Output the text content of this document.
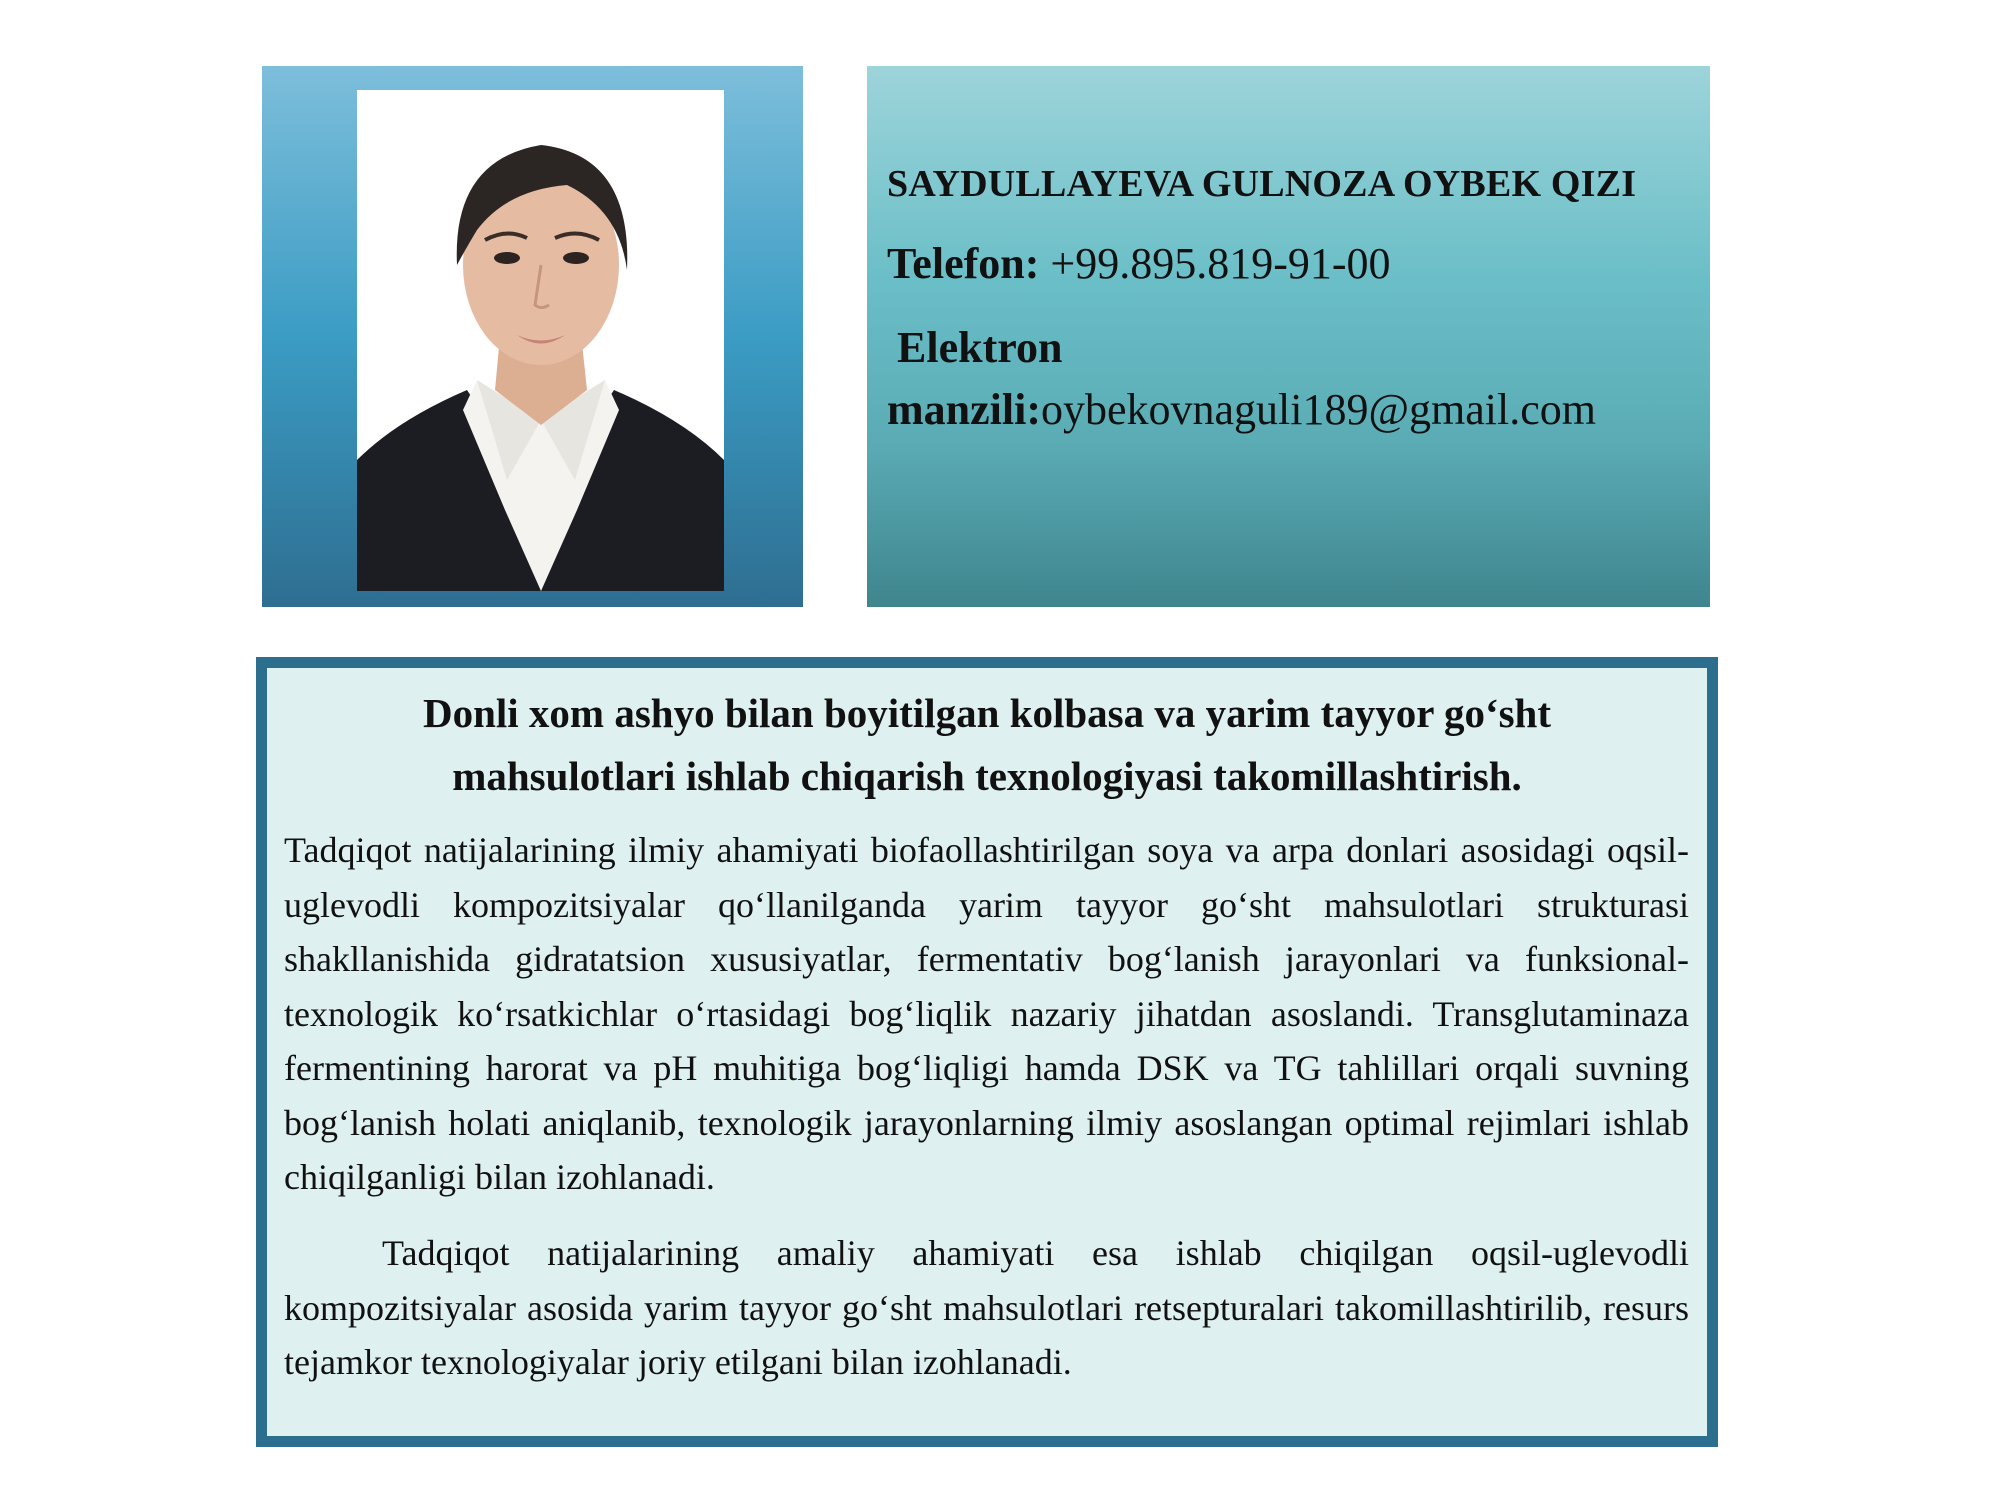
SAYDULLAYEVA GULNOZA OYBEK QIZI
Telefon: +99.895.819-91-00
Elektron
manzili:oybekovnaguli189@gmail.com
Donli xom ashyo bilan boyitilgan kolbasa va yarim tayyor go‘sht
mahsulotlari ishlab chiqarish texnologiyasi takomillashtirish.

Tadqiqot natijalarining ilmiy ahamiyati biofaollashtirilgan soya va arpa donlari asosidagi oqsil-uglevodli kompozitsiyalar qo‘llanilganda yarim tayyor go‘sht mahsulotlari strukturasi shakllanishida gidratatsion xususiyatlar, fermentativ bog‘lanish jarayonlari va funksional-texnologik ko‘rsatkichlar o‘rtasidagi bog‘liqlik nazariy jihatdan asoslandi. Transglutaminaza fermentining harorat va pH muhitiga bog‘liqligi hamda DSK va TG tahlillari orqali suvning bog‘lanish holati aniqlanib, texnologik jarayonlarning ilmiy asoslangan optimal rejimlari ishlab chiqilganligi bilan izohlanadi.

Tadqiqot natijalarining amaliy ahamiyati esa ishlab chiqilgan oqsil-uglevodli kompozitsiyalar asosida yarim tayyor go‘sht mahsulotlari retsepturalari takomillashtirilib, resurs tejamkor texnologiyalar joriy etilgani bilan izohlanadi.
